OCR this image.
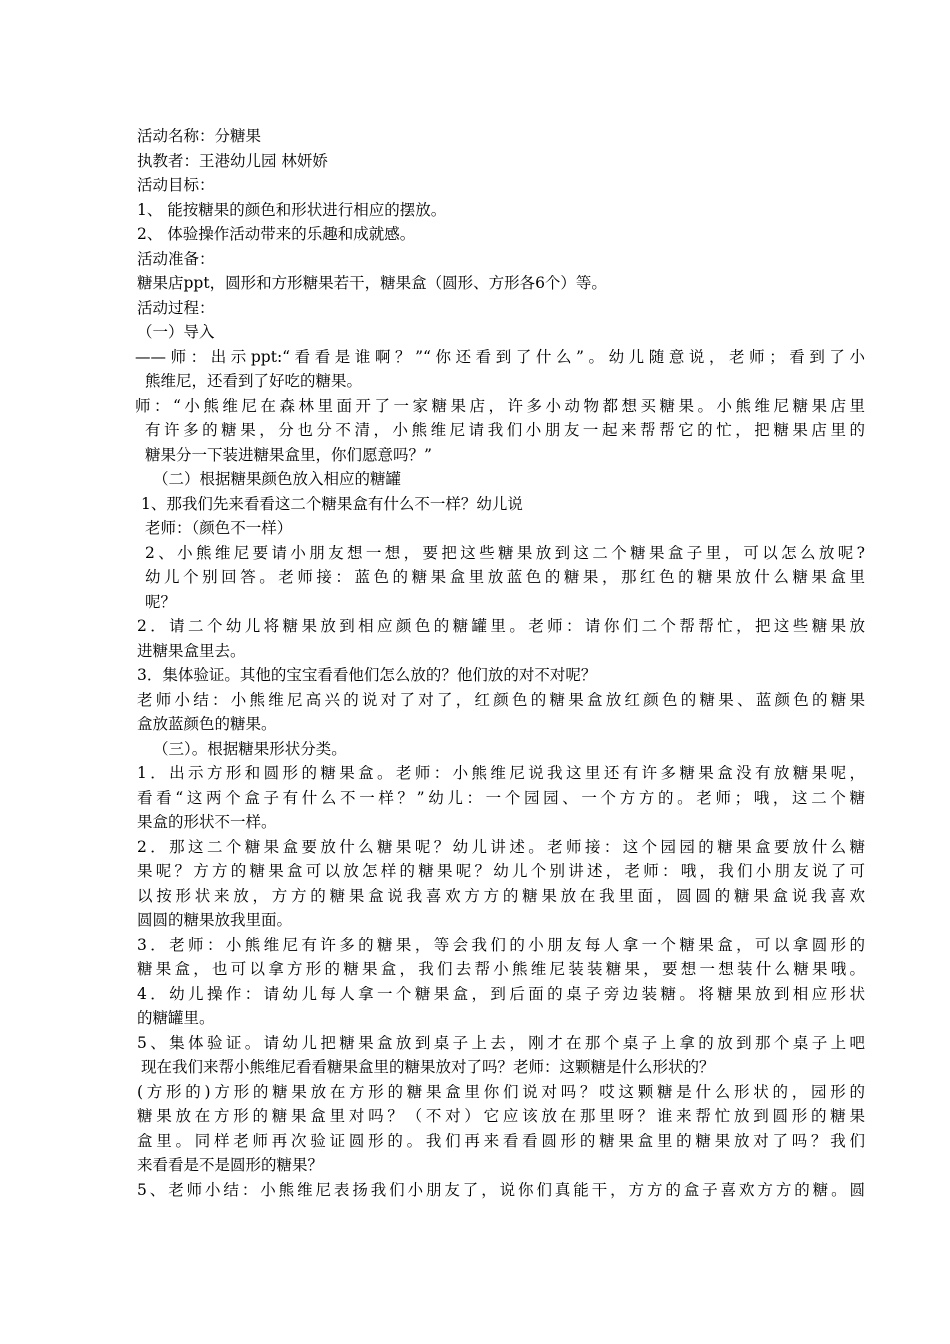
活动名称：分糖果
执教者：王港幼儿园 林妍娇
活动目标：
1、 能按糖果的颜色和形状进行相应的摆放。
2、 体验操作活动带来的乐趣和成就感。
活动准备：
糖果店ppt，圆形和方形糖果若干，糖果盒（圆形、方形各6个）等。
活动过程：
（一）导入
——师：出示ppt:“看看是谁啊？”“你还看到了什么”。幼儿随意说，老师；看到了小
熊维尼，还看到了好吃的糖果。
师：“小熊维尼在森林里面开了一家糖果店，许多小动物都想买糖果。小熊维尼糖果店里
有许多的糖果，分也分不清，小熊维尼请我们小朋友一起来帮帮它的忙，把糖果店里的
糖果分一下装进糖果盒里，你们愿意吗？”
（二）根据糖果颜色放入相应的糖罐
1、那我们先来看看这二个糖果盒有什么不一样？幼儿说
老师：（颜色不一样）
2、小熊维尼要请小朋友想一想，要把这些糖果放到这二个糖果盒子里，可以怎么放呢?
幼儿个别回答。老师接：蓝色的糖果盒里放蓝色的糖果，那红色的糖果放什么糖果盒里
呢？
2．请二个幼儿将糖果放到相应颜色的糖罐里。老师：请你们二个帮帮忙，把这些糖果放
进糖果盒里去。
3．集体验证。其他的宝宝看看他们怎么放的？他们放的对不对呢？
老师小结：小熊维尼高兴的说对了对了，红颜色的糖果盒放红颜色的糖果、蓝颜色的糖果
盒放蓝颜色的糖果。
（三）。根据糖果形状分类。
1．出示方形和圆形的糖果盒。老师：小熊维尼说我这里还有许多糖果盒没有放糖果呢，
看看“这两个盒子有什么不一样？”幼儿：一个园园、一个方方的。老师；哦，这二个糖
果盒的形状不一样。
2．那这二个糖果盒要放什么糖果呢？幼儿讲述。老师接：这个园园的糖果盒要放什么糖
果呢？方方的糖果盒可以放怎样的糖果呢？幼儿个别讲述，老师：哦，我们小朋友说了可
以按形状来放，方方的糖果盒说我喜欢方方的糖果放在我里面，圆圆的糖果盒说我喜欢
圆圆的糖果放我里面。
3．老师：小熊维尼有许多的糖果，等会我们的小朋友每人拿一个糖果盒，可以拿圆形的
糖果盒，也可以拿方形的糖果盒，我们去帮小熊维尼装装糖果，要想一想装什么糖果哦。
4．幼儿操作：请幼儿每人拿一个糖果盒，到后面的桌子旁边装糖。将糖果放到相应形状
的糖罐里。
5、集体验证。请幼儿把糖果盒放到桌子上去，刚才在那个桌子上拿的放到那个桌子上吧
现在我们来帮小熊维尼看看糖果盒里的糖果放对了吗？老师：这颗糖是什么形状的？
(方形的)方形的糖果放在方形的糖果盒里你们说对吗？哎这颗糖是什么形状的，园形的
糖果放在方形的糖果盒里对吗？（不对）它应该放在那里呀？谁来帮忙放到圆形的糖果
盒里。同样老师再次验证圆形的。我们再来看看圆形的糖果盒里的糖果放对了吗？我们
来看看是不是圆形的糖果？
5、老师小结：小熊维尼表扬我们小朋友了，说你们真能干，方方的盒子喜欢方方的糖。圆
